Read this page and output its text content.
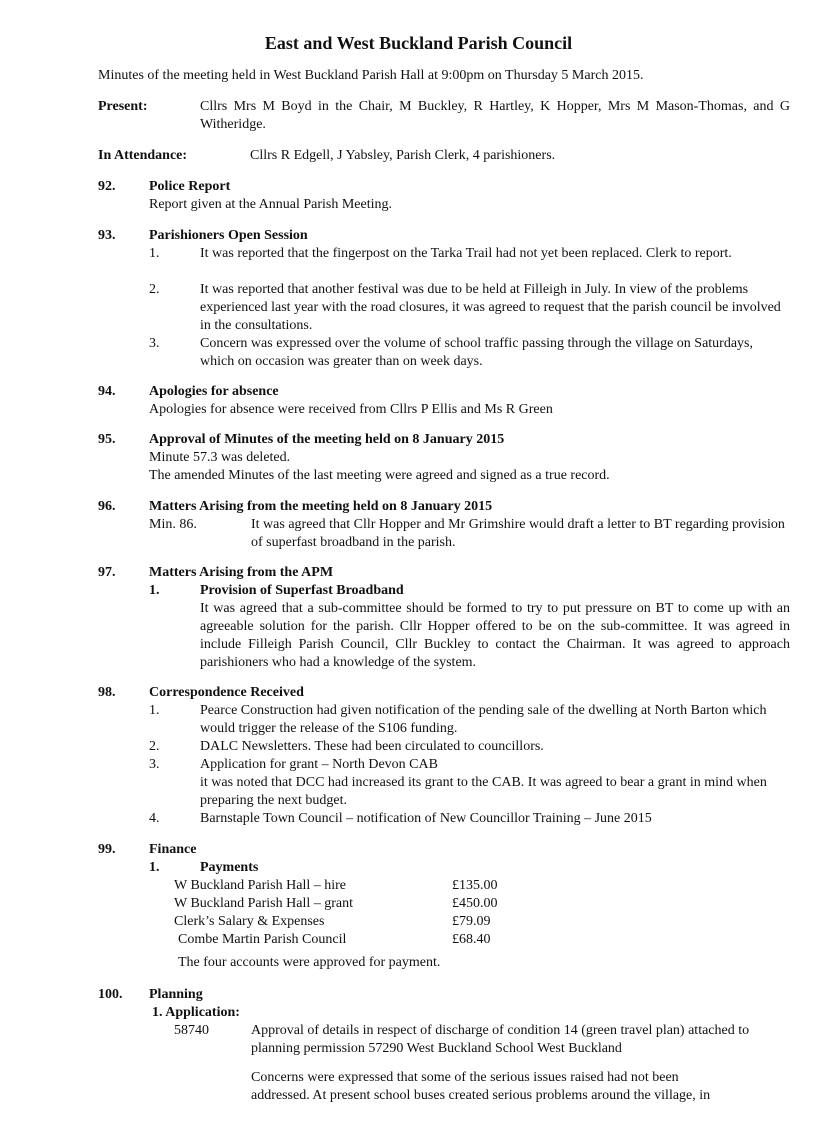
East and West Buckland Parish Council
Minutes of the meeting held in West Buckland Parish Hall at 9:00pm on Thursday 5 March 2015.
Present:	Cllrs Mrs M Boyd in the Chair, M Buckley, R Hartley, K Hopper, Mrs M Mason-Thomas, and G Witheridge.
In Attendance:	Cllrs R Edgell, J Yabsley, Parish Clerk, 4 parishioners.
92. Police Report
Report given at the Annual Parish Meeting.
93. Parishioners Open Session
1.	It was reported that the fingerpost on the Tarka Trail had not yet been replaced. Clerk to report.
2.	It was reported that another festival was due to be held at Filleigh in July. In view of the problems experienced last year with the road closures, it was agreed to request that the parish council be involved in the consultations.
3.	Concern was expressed over the volume of school traffic passing through the village on Saturdays, which on occasion was greater than on week days.
94. Apologies for absence
Apologies for absence were received from Cllrs P Ellis and Ms R Green
95. Approval of Minutes of the meeting held on 8 January 2015
Minute 57.3 was deleted.
The amended Minutes of the last meeting were agreed and signed as a true record.
96. Matters Arising from the meeting held on 8 January 2015
Min. 86.	It was agreed that Cllr Hopper and Mr Grimshire would draft a letter to BT regarding provision of superfast broadband in the parish.
97. Matters Arising from the APM
1.	Provision of Superfast Broadband
It was agreed that a sub-committee should be formed to try to put pressure on BT to come up with an agreeable solution for the parish. Cllr Hopper offered to be on the sub-committee. It was agreed in include Filleigh Parish Council, Cllr Buckley to contact the Chairman. It was agreed to approach parishioners who had a knowledge of the system.
98. Correspondence Received
1.	Pearce Construction had given notification of the pending sale of the dwelling at North Barton which would trigger the release of the S106 funding.
2.	DALC Newsletters. These had been circulated to councillors.
3.	Application for grant – North Devon CAB
it was noted that DCC had increased its grant to the CAB. It was agreed to bear a grant in mind when preparing the next budget.
4.	Barnstaple Town Council – notification of New Councillor Training – June 2015
99. Finance
1.	Payments
W Buckland Parish Hall – hire	£135.00
W Buckland Parish Hall – grant	£450.00
Clerk’s Salary & Expenses	£79.09
Combe Martin Parish Council	£68.40
The four accounts were approved for payment.
100. Planning
1. Application:
58740	Approval of details in respect of discharge of condition 14 (green travel plan) attached to planning permission 57290 West Buckland School West Buckland
Concerns were expressed that some of the serious issues raised had not been
addressed. At present school buses created serious problems around the village, in
